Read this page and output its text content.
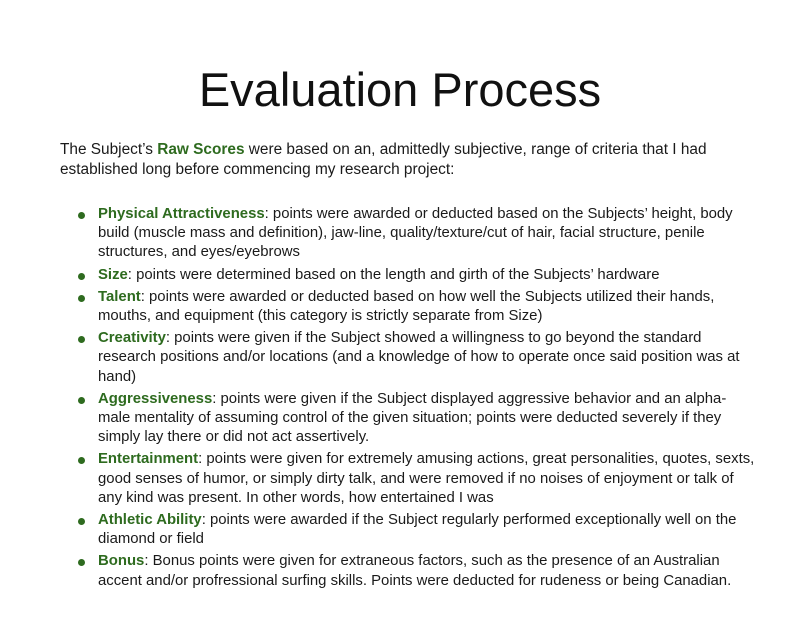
Evaluation Process

The Subject’s Raw Scores were based on an, admittedly subjective, range of criteria that I had established long before commencing my research project:

Physical Attractiveness: points were awarded or deducted based on the Subjects’ height, body build (muscle mass and definition), jaw-line, quality/texture/cut of hair, facial structure, penile structures, and eyes/eyebrows
Size: points were determined based on the length and girth of the Subjects’ hardware
Talent: points were awarded or deducted based on how well the Subjects utilized their hands, mouths, and equipment (this category is strictly separate from Size)
Creativity: points were given if the Subject showed a willingness to go beyond the standard research positions and/or locations (and a knowledge of how to operate once said position was at hand)
Aggressiveness: points were given if the Subject displayed aggressive behavior and an alpha-male mentality of assuming control of the given situation; points were deducted severely if they simply lay there or did not act assertively.
Entertainment: points were given for extremely amusing actions, great personalities, quotes, sexts, good senses of humor, or simply dirty talk, and were removed if no noises of enjoyment or talk of any kind was present. In other words, how entertained I was
Athletic Ability: points were awarded if the Subject regularly performed exceptionally well on the diamond or field
Bonus: Bonus points were given for extraneous factors, such as the presence of an Australian accent and/or profressional surfing skills. Points were deducted for rudeness or being Canadian.
